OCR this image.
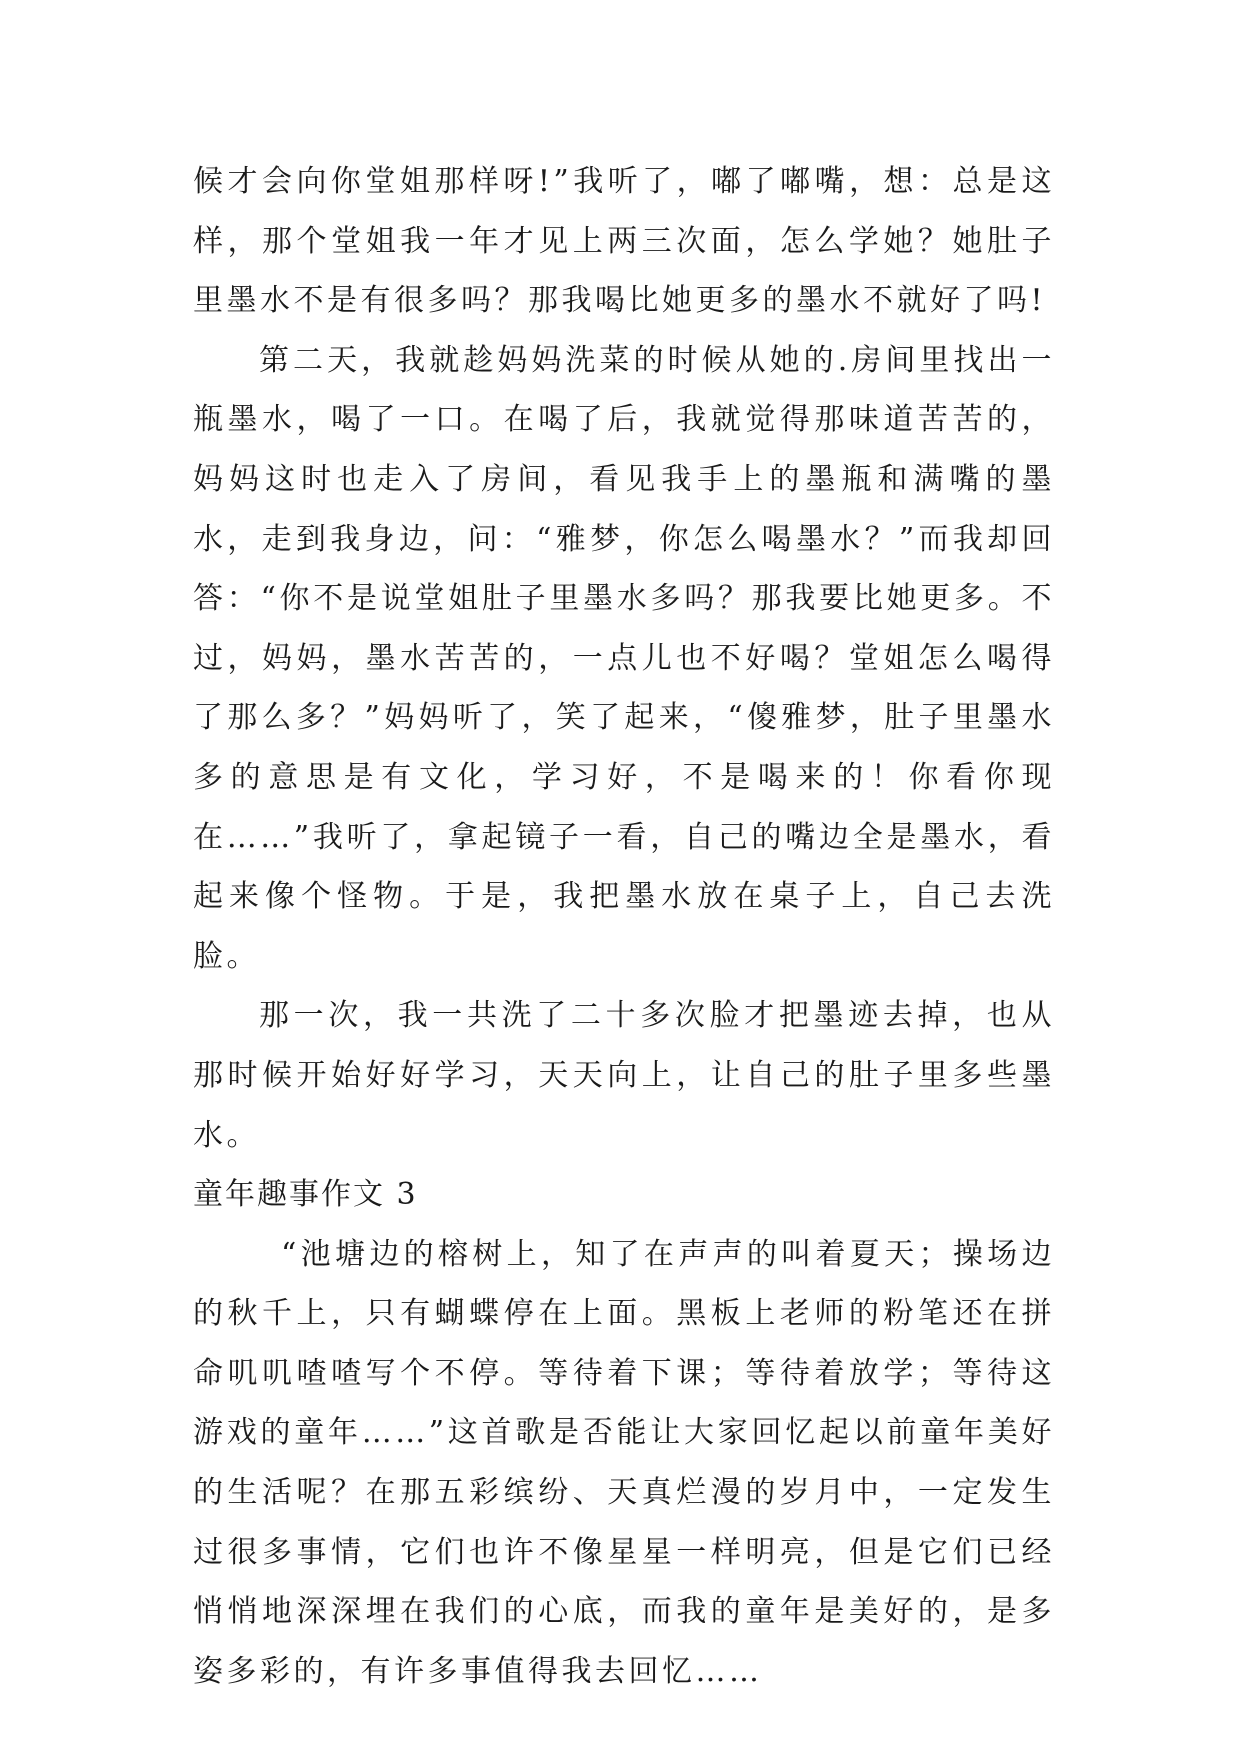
候才会向你堂姐那样呀!”我听了，嘟了嘟嘴，想：总是这样，那个堂姐我一年才见上两三次面，怎么学她？她肚子里墨水不是有很多吗？那我喝比她更多的墨水不就好了吗!

第二天，我就趁妈妈洗菜的时候从她的.房间里找出一瓶墨水，喝了一口。在喝了后，我就觉得那味道苦苦的，妈妈这时也走入了房间，看见我手上的墨瓶和满嘴的墨水，走到我身边，问：“雅梦，你怎么喝墨水？”而我却回答：“你不是说堂姐肚子里墨水多吗？那我要比她更多。不过，妈妈，墨水苦苦的，一点儿也不好喝？堂姐怎么喝得了那么多？”妈妈听了，笑了起来，“傻雅梦，肚子里墨水多的意思是有文化，学习好，不是喝来的！你看你现在……”我听了，拿起镜子一看，自己的嘴边全是墨水，看起来像个怪物。于是，我把墨水放在桌子上，自己去洗脸。

那一次，我一共洗了二十多次脸才把墨迹去掉，也从那时候开始好好学习，天天向上，让自己的肚子里多些墨水。

童年趣事作文 3

“池塘边的榕树上，知了在声声的叫着夏天；操场边的秋千上，只有蝴蝶停在上面。黑板上老师的粉笔还在拼命叽叽喳喳写个不停。等待着下课；等待着放学；等待这游戏的童年……”这首歌是否能让大家回忆起以前童年美好的生活呢？在那五彩缤纷、天真烂漫的岁月中，一定发生过很多事情，它们也许不像星星一样明亮，但是它们已经悄悄地深深埋在我们的心底，而我的童年是美好的，是多姿多彩的，有许多事值得我去回忆……
